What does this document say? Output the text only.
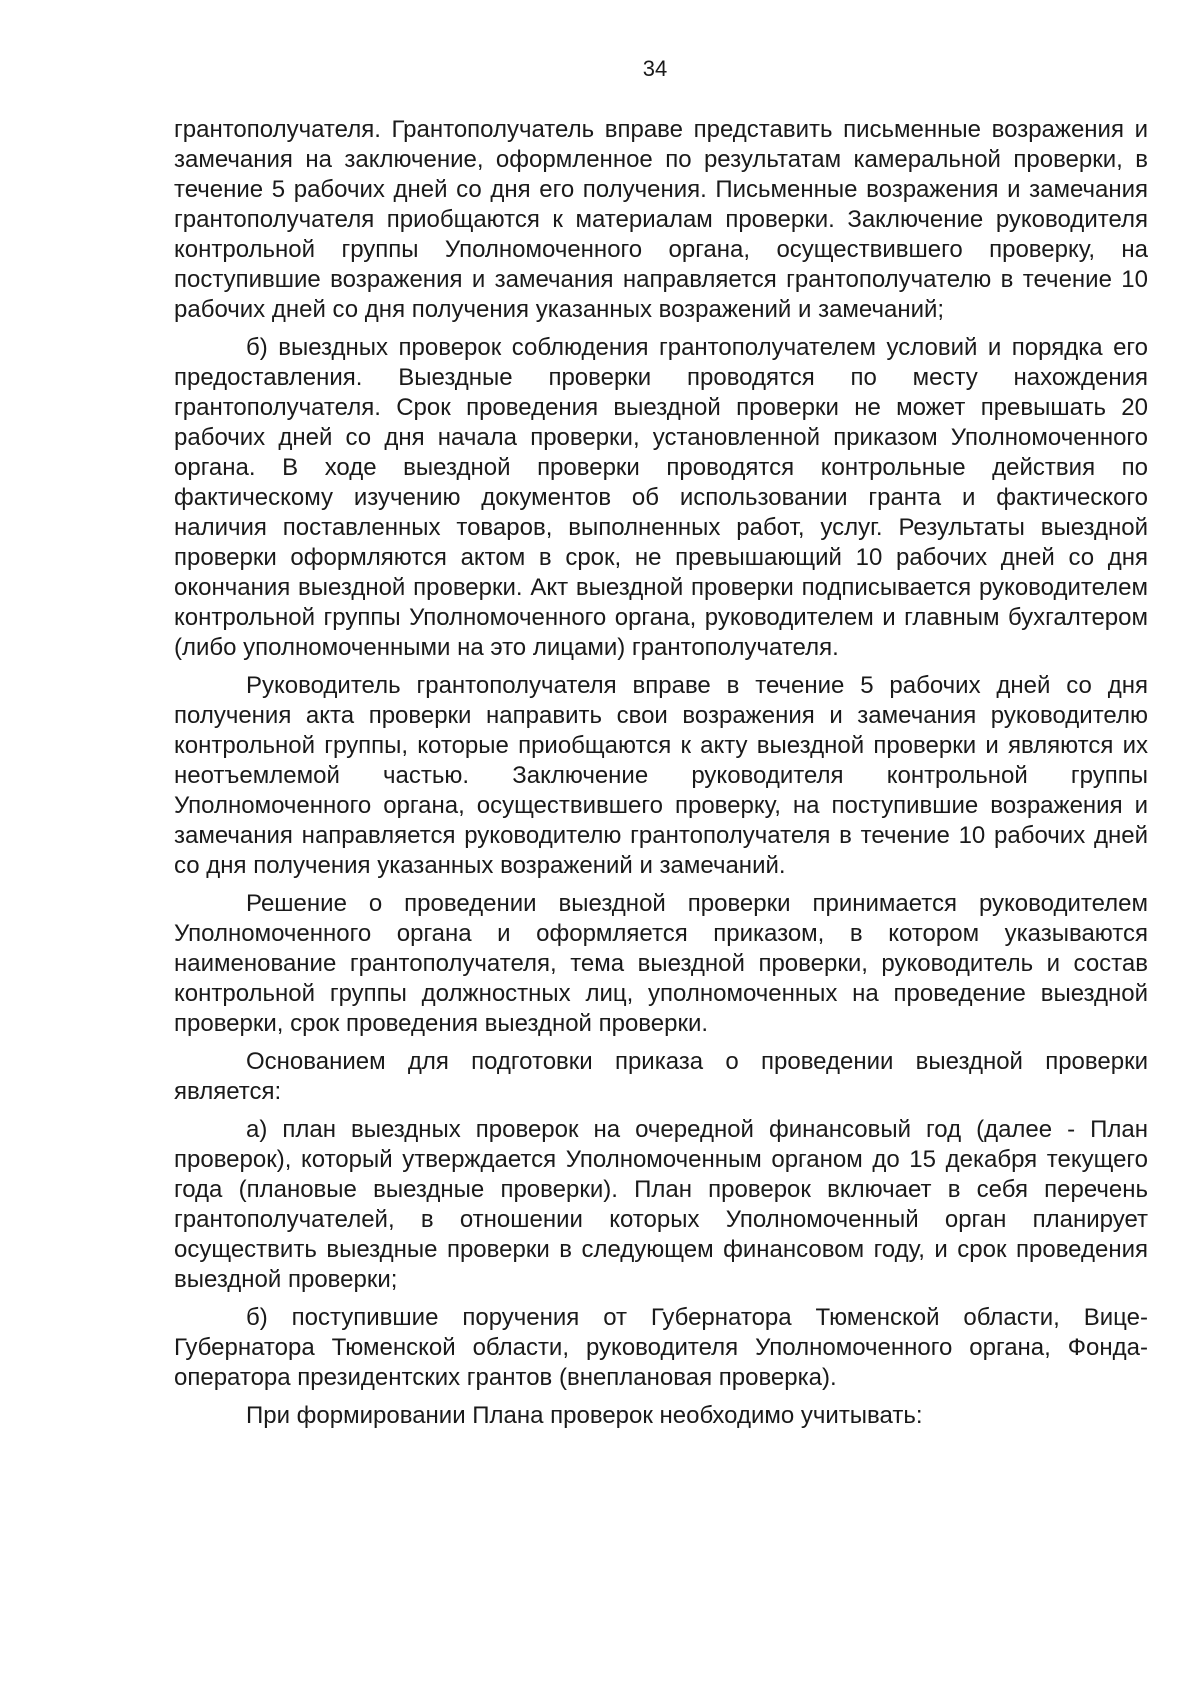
34

грантополучателя. Грантополучатель вправе представить письменные возражения и замечания на заключение, оформленное по результатам камеральной проверки, в течение 5 рабочих дней со дня его получения. Письменные возражения и замечания грантополучателя приобщаются к материалам проверки. Заключение руководителя контрольной группы Уполномоченного органа, осуществившего проверку, на поступившие возражения и замечания направляется грантополучателю в течение 10 рабочих дней со дня получения указанных возражений и замечаний;

б) выездных проверок соблюдения грантополучателем условий и порядка его предоставления. Выездные проверки проводятся по месту нахождения грантополучателя. Срок проведения выездной проверки не может превышать 20 рабочих дней со дня начала проверки, установленной приказом Уполномоченного органа. В ходе выездной проверки проводятся контрольные действия по фактическому изучению документов об использовании гранта и фактического наличия поставленных товаров, выполненных работ, услуг. Результаты выездной проверки оформляются актом в срок, не превышающий 10 рабочих дней со дня окончания выездной проверки. Акт выездной проверки подписывается руководителем контрольной группы Уполномоченного органа, руководителем и главным бухгалтером (либо уполномоченными на это лицами) грантополучателя.

Руководитель грантополучателя вправе в течение 5 рабочих дней со дня получения акта проверки направить свои возражения и замечания руководителю контрольной группы, которые приобщаются к акту выездной проверки и являются их неотъемлемой частью. Заключение руководителя контрольной группы Уполномоченного органа, осуществившего проверку, на поступившие возражения и замечания направляется руководителю грантополучателя в течение 10 рабочих дней со дня получения указанных возражений и замечаний.

Решение о проведении выездной проверки принимается руководителем Уполномоченного органа и оформляется приказом, в котором указываются наименование грантополучателя, тема выездной проверки, руководитель и состав контрольной группы должностных лиц, уполномоченных на проведение выездной проверки, срок проведения выездной проверки.

Основанием для подготовки приказа о проведении выездной проверки является:

а) план выездных проверок на очередной финансовый год (далее - План проверок), который утверждается Уполномоченным органом до 15 декабря текущего года (плановые выездные проверки). План проверок включает в себя перечень грантополучателей, в отношении которых Уполномоченный орган планирует осуществить выездные проверки в следующем финансовом году, и срок проведения выездной проверки;

б) поступившие поручения от Губернатора Тюменской области, Вице-Губернатора Тюменской области, руководителя Уполномоченного органа, Фонда-оператора президентских грантов (внеплановая проверка).

При формировании Плана проверок необходимо учитывать:
